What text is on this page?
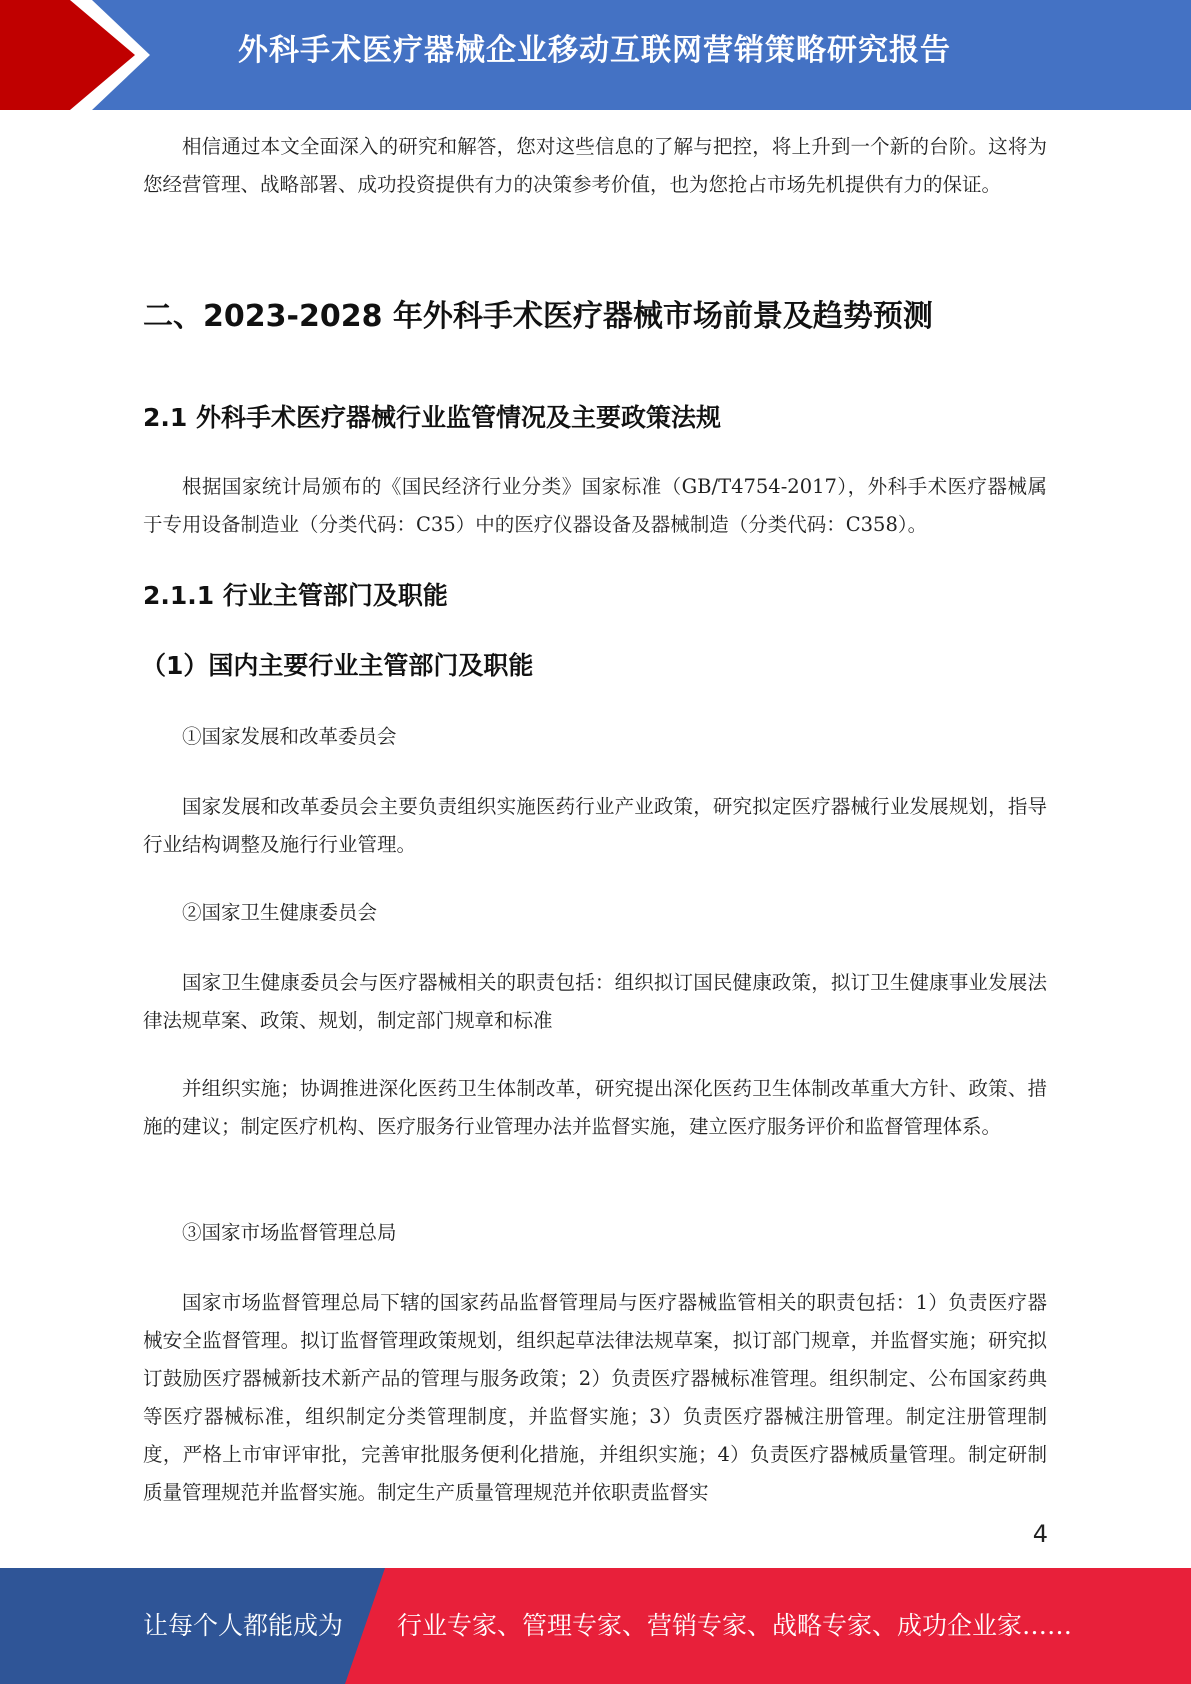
外科手术医疗器械企业移动互联网营销策略研究报告

相信通过本文全面深入的研究和解答，您对这些信息的了解与把控，将上升到一个新的台阶。这将为您经营管理、战略部署、成功投资提供有力的决策参考价值，也为您抢占市场先机提供有力的保证。

二、2023-2028 年外科手术医疗器械市场前景及趋势预测
2.1 外科手术医疗器械行业监管情况及主要政策法规

根据国家统计局颁布的《国民经济行业分类》国家标准（GB/T4754-2017），外科手术医疗器械属于专用设备制造业（分类代码：C35）中的医疗仪器设备及器械制造（分类代码：C358）。

2.1.1 行业主管部门及职能
（1）国内主要行业主管部门及职能

①国家发展和改革委员会

国家发展和改革委员会主要负责组织实施医药行业产业政策，研究拟定医疗器械行业发展规划，指导行业结构调整及施行行业管理。

②国家卫生健康委员会

国家卫生健康委员会与医疗器械相关的职责包括：组织拟订国民健康政策，拟订卫生健康事业发展法律法规草案、政策、规划，制定部门规章和标准

并组织实施；协调推进深化医药卫生体制改革，研究提出深化医药卫生体制改革重大方针、政策、措施的建议；制定医疗机构、医疗服务行业管理办法并监督实施，建立医疗服务评价和监督管理体系。

③国家市场监督管理总局

国家市场监督管理总局下辖的国家药品监督管理局与医疗器械监管相关的职责包括：1）负责医疗器械安全监督管理。拟订监督管理政策规划，组织起草法律法规草案，拟订部门规章，并监督实施；研究拟订鼓励医疗器械新技术新产品的管理与服务政策；2）负责医疗器械标准管理。组织制定、公布国家药典等医疗器械标准，组织制定分类管理制度，并监督实施；3）负责医疗器械注册管理。制定注册管理制度，严格上市审评审批，完善审批服务便利化措施，并组织实施；4）负责医疗器械质量管理。制定研制质量管理规范并监督实施。制定生产质量管理规范并依职责监督实

4
让每个人都能成为 行业专家、管理专家、营销专家、战略专家、成功企业家……
